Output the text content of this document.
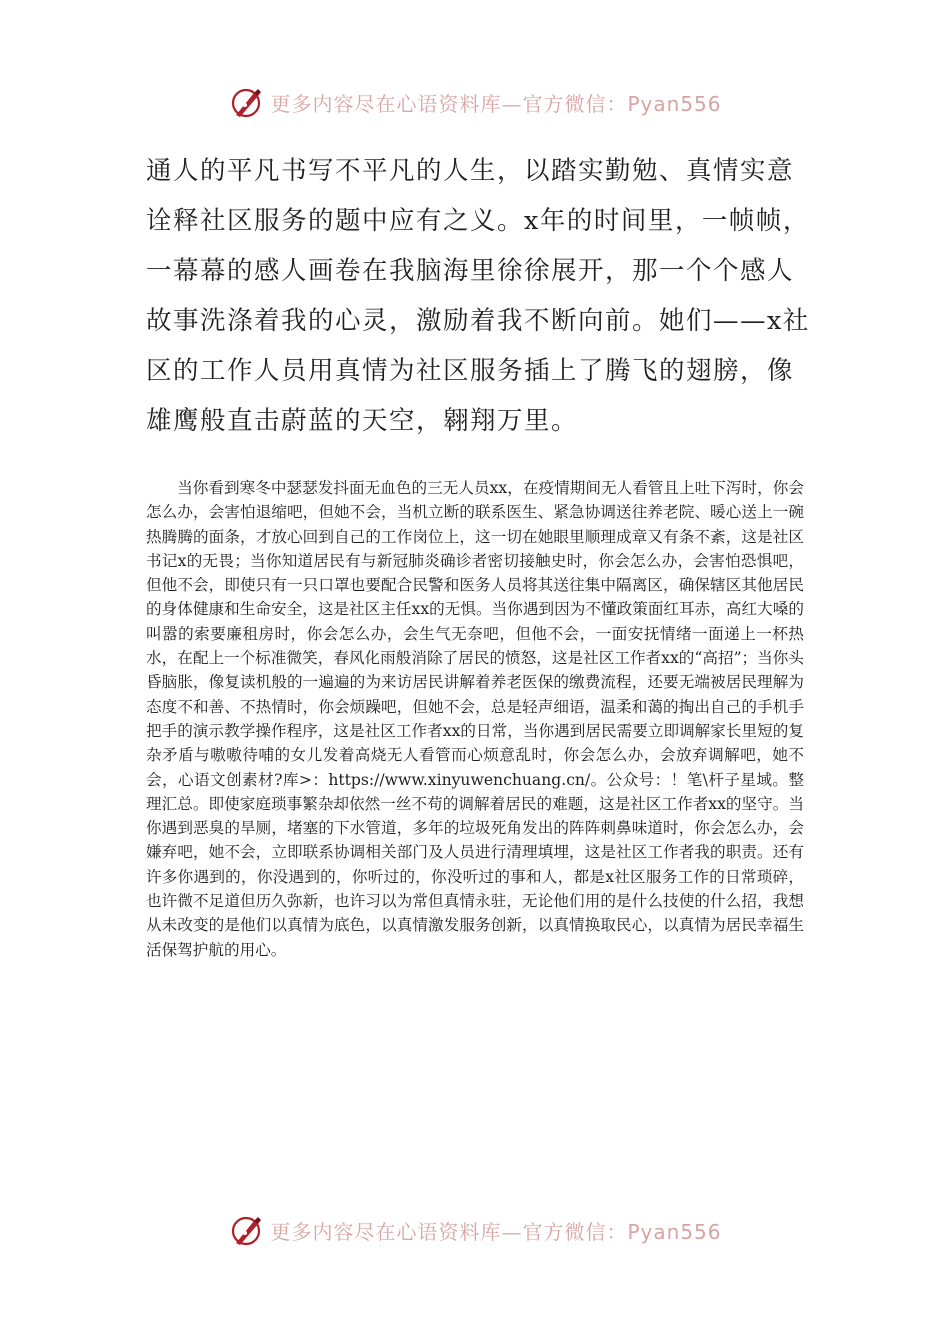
更多内容尽在心语资料库—官方微信：Pyan556

通人的平凡书写不平凡的人生，以踏实勤勉、真情实意诠释社区服务的题中应有之义。x年的时间里，一帧帧，一幕幕的感人画卷在我脑海里徐徐展开，那一个个感人故事洗涤着我的心灵，激励着我不断向前。她们——x社区的工作人员用真情为社区服务插上了腾飞的翅膀，像雄鹰般直击蔚蓝的天空，翱翔万里。

当你看到寒冬中瑟瑟发抖面无血色的三无人员xx，在疫情期间无人看管且上吐下泻时，你会怎么办，会害怕退缩吧，但她不会，当机立断的联系医生、紧急协调送往养老院、暖心送上一碗热腾腾的面条，才放心回到自己的工作岗位上，这一切在她眼里顺理成章又有条不紊，这是社区书记x的无畏；当你知道居民有与新冠肺炎确诊者密切接触史时，你会怎么办，会害怕恐惧吧，但他不会，即使只有一只口罩也要配合民警和医务人员将其送往集中隔离区，确保辖区其他居民的身体健康和生命安全，这是社区主任xx的无惧。当你遇到因为不懂政策面红耳赤，高红大嗓的叫嚣的索要廉租房时，你会怎么办，会生气无奈吧，但他不会，一面安抚情绪一面递上一杯热水，在配上一个标准微笑，春风化雨般消除了居民的愤怒，这是社区工作者xx的“高招”；当你头昏脑胀，像复读机般的一遍遍的为来访居民讲解着养老医保的缴费流程，还要无端被居民理解为态度不和善、不热情时，你会烦躁吧，但她不会，总是轻声细语，温柔和蔼的掏出自己的手机手把手的演示教学操作程序，这是社区工作者xx的日常，当你遇到居民需要立即调解家长里短的复杂矛盾与嗷嗷待哺的女儿发着高烧无人看管而心烦意乱时，你会怎么办，会放弃调解吧，她不会，心语文创素材?库>：https://www.xinyuwenchuang.cn/。公众号：！笔\杆子星域。整理汇总。即使家庭琐事繁杂却依然一丝不苟的调解着居民的难题，这是社区工作者xx的坚守。当你遇到恶臭的旱厕，堵塞的下水管道，多年的垃圾死角发出的阵阵刺鼻味道时，你会怎么办，会嫌弃吧，她不会，立即联系协调相关部门及人员进行清理填埋，这是社区工作者我的职责。还有许多你遇到的，你没遇到的，你听过的，你没听过的事和人，都是x社区服务工作的日常琐碎，也许微不足道但历久弥新，也许习以为常但真情永驻，无论他们用的是什么技使的什么招，我想从未改变的是他们以真情为底色，以真情激发服务创新，以真情换取民心，以真情为居民幸福生活保驾护航的用心。

更多内容尽在心语资料库—官方微信：Pyan556
